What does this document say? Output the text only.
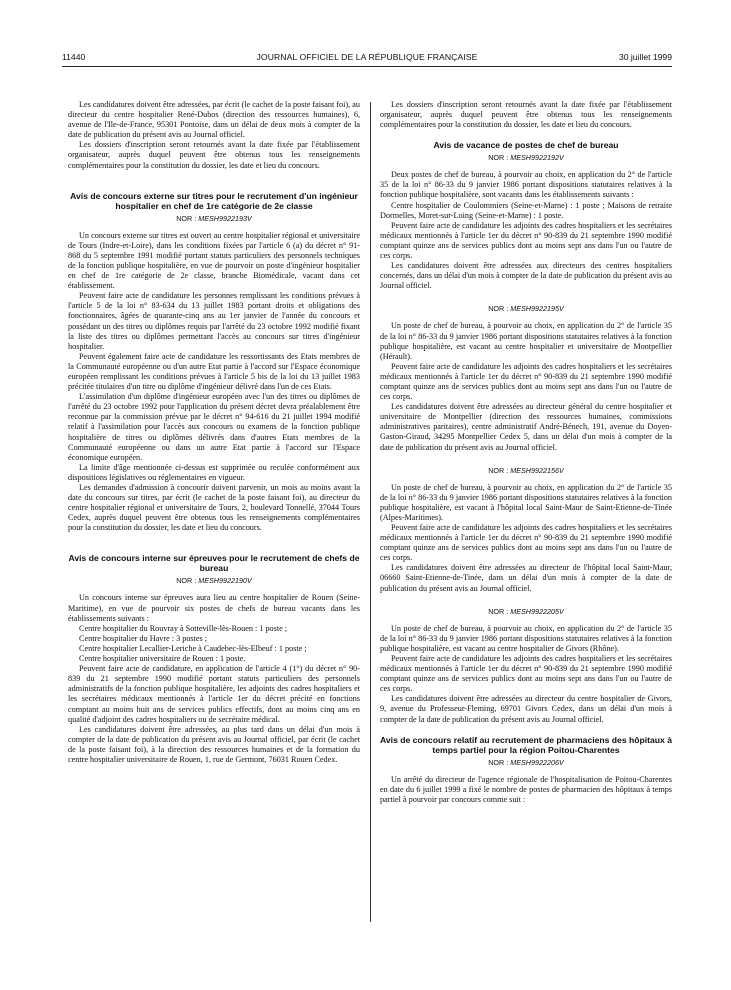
11440	JOURNAL OFFICIEL DE LA RÉPUBLIQUE FRANÇAISE	30 juillet 1999

Les candidatures doivent être adressées, par écrit (le cachet de la poste faisant foi), au directeur du centre hospitalier René-Dubos (direction des ressources humaines), 6, avenue de l'Ile-de-France, 95301 Pontoise, dans un délai de deux mois à compter de la date de publication du présent avis au Journal officiel.

Les dossiers d'inscription seront retournés avant la date fixée par l'établissement organisateur, auprès duquel peuvent être obtenus tous les renseignements complémentaires pour la constitution du dossier, les date et lieu du concours.

Avis de concours externe sur titres pour le recrutement d'un ingénieur hospitalier en chef de 1re catégorie de 2e classe
NOR : MESH9922193V

Un concours externe sur titres est ouvert au centre hospitalier régional et universitaire de Tours (Indre-et-Loire), dans les conditions fixées par l'article 6 (a) du décret n° 91-868 du 5 septembre 1991 modifié portant statuts particuliers des personnels techniques de la fonction publique hospitalière, en vue de pourvoir un poste d'ingénieur hospitalier en chef de 1re catégorie de 2e classe, branche Biomédicale, vacant dans cet établissement.

Peuvent faire acte de candidature les personnes remplissant les conditions prévues à l'article 5 de la loi n° 83-634 du 13 juillet 1983 portant droits et obligations des fonctionnaires, âgées de quarante-cinq ans au 1er janvier de l'année du concours et possédant un des titres ou diplômes requis par l'arrêté du 23 octobre 1992 modifié fixant la liste des titres ou diplômes permettant l'accès au concours sur titres d'ingénieur hospitalier.

Peuvent également faire acte de candidature les ressortissants des Etats membres de la Communauté européenne ou d'un autre Etat partie à l'accord sur l'Espace économique européen remplissant les conditions prévues à l'article 5 bis de la loi du 13 juillet 1983 précitée titulaires d'un titre ou diplôme d'ingénieur délivré dans l'un de ces Etats.

L'assimilation d'un diplôme d'ingénieur européen avec l'un des titres ou diplômes de l'arrêté du 23 octobre 1992 pour l'application du présent décret devra préalablement être reconnue par la commission prévue par le décret n° 94-616 du 21 juillet 1994 modifié relatif à l'assimilation pour l'accès aux concours ou examens de la fonction publique hospitalière de titres ou diplômes délivrés dans d'autres Etats membres de la Communauté européenne ou dans un autre Etat partie à l'accord sur l'Espace économique européen.

La limite d'âge mentionnée ci-dessus est supprimée ou reculée conformément aux dispositions législatives ou réglementaires en vigueur.

Les demandes d'admission à concourir doivent parvenir, un mois au moins avant la date du concours sur titres, par écrit (le cachet de la poste faisant foi), au directeur du centre hospitalier régional et universitaire de Tours, 2, boulevard Tonnellé, 37044 Tours Cedex, auprès duquel peuvent être obtenus tous les renseignements complémentaires pour la constitution du dossier, les date et lieu du concours.

Avis de concours interne sur épreuves pour le recrutement de chefs de bureau
NOR : MESH9922190V

Un concours interne sur épreuves aura lieu au centre hospitalier de Rouen (Seine-Maritime), en vue de pourvoir six postes de chefs de bureau vacants dans les établissements suivants :

Centre hospitalier du Rouvray à Sotteville-lès-Rouen : 1 poste ;

Centre hospitalier du Havre : 3 postes ;

Centre hospitalier Lecallier-Leriche à Caudebec-lès-Elbeuf : 1 poste ;

Centre hospitalier universitaire de Rouen : 1 poste.

Peuvent faire acte de candidature, en application de l'article 4 (1°) du décret n° 90-839 du 21 septembre 1990 modifié portant statuts particuliers des personnels administratifs de la fonction publique hospitalière, les adjoints des cadres hospitaliers et les secrétaires médicaux mentionnés à l'article 1er du décret précité en fonctions comptant au moins huit ans de services publics effectifs, dont au moins cinq ans en qualité d'adjoint des cadres hospitaliers ou de secrétaire médical.

Les candidatures doivent être adressées, au plus tard dans un délai d'un mois à compter de la date de publication du présent avis au Journal officiel, par écrit (le cachet de la poste faisant foi), à la direction des ressources humaines et de la formation du centre hospitalier universitaire de Rouen, 1, rue de Germont, 76031 Rouen Cedex.

Les dossiers d'inscription seront retournés avant la date fixée par l'établissement organisateur, auprès duquel peuvent être obtenus tous les renseignements complémentaires pour la constitution du dossier, les date et lieu du concours.

Avis de vacance de postes de chef de bureau
NOR : MESH9922192V

Deux postes de chef de bureau, à pourvoir au choix, en application du 2° de l'article 35 de la loi n° 86-33 du 9 janvier 1986 portant dispositions statutaires relatives à la fonction publique hospitalière, sont vacants dans les établissements suivants :

Centre hospitalier de Coulommiers (Seine-et-Marne) : 1 poste ; Maisons de retraite Dormelles, Moret-sur-Loing (Seine-et-Marne) : 1 poste.

Peuvent faire acte de candidature les adjoints des cadres hospitaliers et les secrétaires médicaux mentionnés à l'article 1er du décret n° 90-839 du 21 septembre 1990 modifié comptant quinze ans de services publics dont au moins sept ans dans l'un ou l'autre de ces corps.

Les candidatures doivent être adressées aux directeurs des centres hospitaliers concernés, dans un délai d'un mois à compter de la date de publication du présent avis au Journal officiel.

NOR : MESH9922195V

Un poste de chef de bureau, à pourvoir au choix, en application du 2° de l'article 35 de la loi n° 86-33 du 9 janvier 1986 portant dispositions statutaires relatives à la fonction publique hospitalière, est vacant au centre hospitalier et universitaire de Montpellier (Hérault).

Peuvent faire acte de candidature les adjoints des cadres hospitaliers et les secrétaires médicaux mentionnés à l'article 1er du décret n° 90-839 du 21 septembre 1990 modifié comptant quinze ans de services publics dont au moins sept ans dans l'un ou l'autre de ces corps.

Les candidatures doivent être adressées au directeur général du centre hospitalier et universitaire de Montpellier (direction des ressources humaines, commissions administratives paritaires), centre administratif André-Bénech, 191, avenue du Doyen-Gaston-Giraud, 34295 Montpellier Cedex 5, dans un délai d'un mois à compter de la date de publication du présent avis au Journal officiel.

NOR : MESH9922156V

Un poste de chef de bureau, à pourvoir au choix, en application du 2° de l'article 35 de la loi n° 86-33 du 9 janvier 1986 portant dispositions statutaires relatives à la fonction publique hospitalière, est vacant à l'hôpital local Saint-Maur de Saint-Etienne-de-Tinée (Alpes-Maritimes).

Peuvent faire acte de candidature les adjoints des cadres hospitaliers et les secrétaires médicaux mentionnés à l'article 1er du décret n° 90-839 du 21 septembre 1990 modifié comptant quinze ans de services publics dont au moins sept ans dans l'un ou l'autre de ces corps.

Les candidatures doivent être adressées au directeur de l'hôpital local Saint-Maur, 06660 Saint-Etienne-de-Tinée, dans un délai d'un mois à compter de la date de publication du présent avis au Journal officiel.

NOR : MESH9922205V

Un poste de chef de bureau, à pourvoir au choix, en application du 2° de l'article 35 de la loi n° 86-33 du 9 janvier 1986 portant dispositions statutaires relatives à la fonction publique hospitalière, est vacant au centre hospitalier de Givors (Rhône).

Peuvent faire acte de candidature les adjoints des cadres hospitaliers et les secrétaires médicaux mentionnés à l'article 1er du décret n° 90-839 du 21 septembre 1990 modifié comptant quinze ans de services publics dont au moins sept ans dans l'un ou l'autre de ces corps.

Les candidatures doivent être adressées au directeur du centre hospitalier de Givors, 9, avenue du Professeur-Fleming, 69701 Givors Cedex, dans un délai d'un mois à compter de la date de publication du présent avis au Journal officiel.

Avis de concours relatif au recrutement de pharmaciens des hôpitaux à temps partiel pour la région Poitou-Charentes
NOR : MESH9922206V

Un arrêté du directeur de l'agence régionale de l'hospitalisation de Poitou-Charentes en date du 6 juillet 1999 a fixé le nombre de postes de pharmacien des hôpitaux à temps partiel à pourvoir par concours comme suit :
